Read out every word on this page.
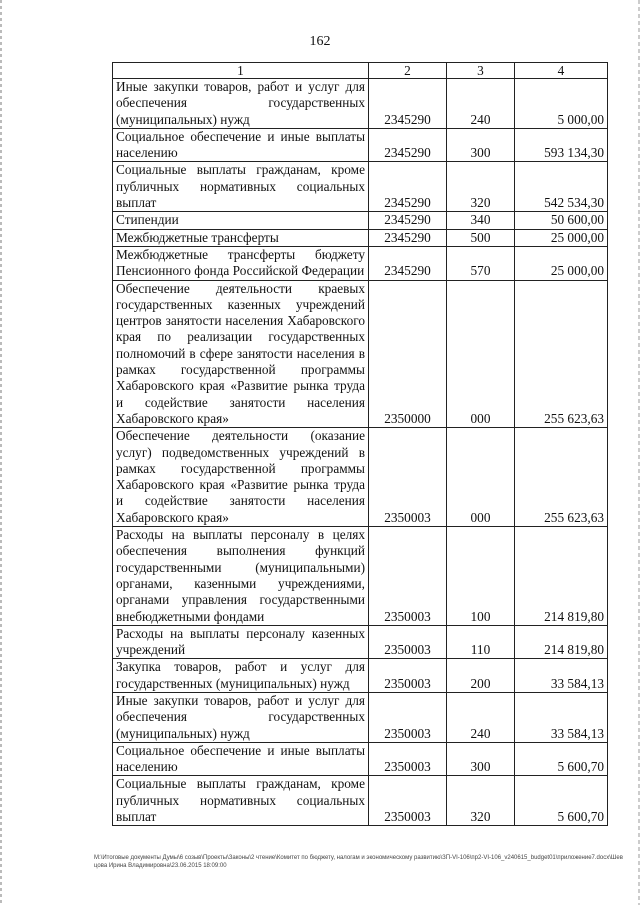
162
1	2	3	4
Иные закупки товаров, работ и услуг для обеспечения государственных (муниципальных) нужд	2345290	240	5 000,00
Социальное обеспечение и иные выплаты населению	2345290	300	593 134,30
Социальные выплаты гражданам, кроме публичных нормативных социальных выплат	2345290	320	542 534,30
Стипендии	2345290	340	50 600,00
Межбюджетные трансферты	2345290	500	25 000,00
Межбюджетные трансферты бюджету Пенсионного фонда Российской Федерации	2345290	570	25 000,00
Обеспечение деятельности краевых государственных казенных учреждений центров занятости населения Хабаровского края по реализации государственных полномочий в сфере занятости населения в рамках государственной программы Хабаровского края «Развитие рынка труда и содействие занятости населения Хабаровского края»	2350000	000	255 623,63
Обеспечение деятельности (оказание услуг) подведомственных учреждений в рамках государственной программы Хабаровского края «Развитие рынка труда и содействие занятости населения Хабаровского края»	2350003	000	255 623,63
Расходы на выплаты персоналу в целях обеспечения выполнения функций государственными (муниципальными) органами, казенными учреждениями, органами управления государственными внебюджетными фондами	2350003	100	214 819,80
Расходы на выплаты персоналу казенных учреждений	2350003	110	214 819,80
Закупка товаров, работ и услуг для государственных (муниципальных) нужд	2350003	200	33 584,13
Иные закупки товаров, работ и услуг для обеспечения государственных (муниципальных) нужд	2350003	240	33 584,13
Социальное обеспечение и иные выплаты населению	2350003	300	5 600,70
Социальные выплаты гражданам, кроме публичных нормативных социальных выплат	2350003	320	5 600,70
M:\Итоговые документы Думы\6 созыв\Проекты\Законы\2 чтение\Комитет по бюджету, налогам и экономическому развитию\ЗП-VI-106\пр2-VI-106_v240615_budget01\приложение7.docx\Шевцова Ирина Владимировна\23.06.2015 18:09:00
